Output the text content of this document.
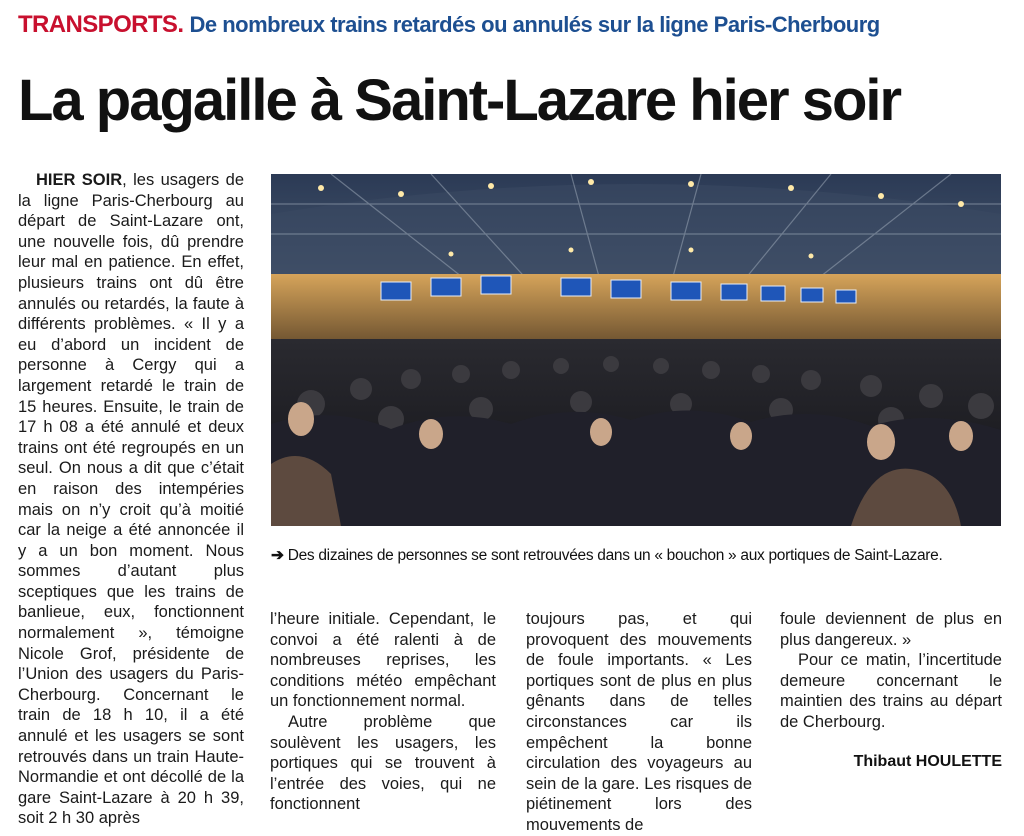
TRANSPORTS. De nombreux trains retardés ou annulés sur la ligne Paris-Cherbourg
La pagaille à Saint-Lazare hier soir

HIER SOIR, les usagers de la ligne Paris-Cherbourg au départ de Saint-Lazare ont, une nouvelle fois, dû prendre leur mal en patience. En effet, plusieurs trains ont dû être annulés ou retardés, la faute à différents problèmes. « Il y a eu d’abord un incident de personne à Cergy qui a largement retardé le train de 15 heures. Ensuite, le train de 17 h 08 a été annulé et deux trains ont été regroupés en un seul. On nous a dit que c’était en raison des intempéries mais on n’y croit qu’à moitié car la neige a été annoncée il y a un bon moment. Nous sommes d’autant plus sceptiques que les trains de banlieue, eux, fonctionnent normalement », témoigne Nicole Grof, présidente de l’Union des usagers du Paris-Cherbourg. Concernant le train de 18 h 10, il a été annulé et les usagers se sont retrouvés dans un train Haute-Normandie et ont décollé de la gare Saint-Lazare à 20 h 39, soit 2 h 30 après

➔ Des dizaines de personnes se sont retrouvées dans un « bouchon » aux portiques de Saint-Lazare.

l’heure initiale. Cependant, le convoi a été ralenti à de nombreuses reprises, les conditions météo empêchant un fonctionnement normal.

Autre problème que soulèvent les usagers, les portiques qui se trouvent à l’entrée des voies, qui ne fonctionnent

toujours pas, et qui provoquent des mouvements de foule importants. « Les portiques sont de plus en plus gênants dans de telles circonstances car ils empêchent la bonne circulation des voyageurs au sein de la gare. Les risques de piétinement lors des mouvements de

foule deviennent de plus en plus dangereux. »

Pour ce matin, l’incertitude demeure concernant le maintien des trains au départ de Cherbourg.

Thibaut HOULETTE
